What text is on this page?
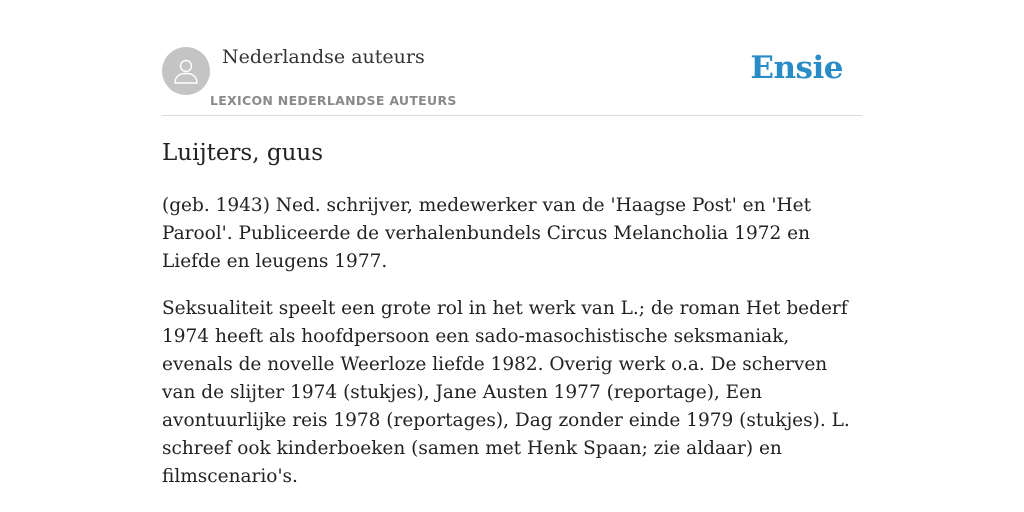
Nederlandse auteurs
LEXICON NEDERLANDSE AUTEURS
Ensie
Luijters, guus

(geb. 1943) Ned. schrijver, medewerker van de 'Haagse Post' en 'Het Parool'. Publiceerde de verhalenbundels Circus Melancholia 1972 en Liefde en leugens 1977.

Seksualiteit speelt een grote rol in het werk van L.; de roman Het bederf 1974 heeft als hoofdpersoon een sado-masochistische seksmaniak, evenals de novelle Weerloze liefde 1982. Overig werk o.a. De scherven van de slijter 1974 (stukjes), Jane Austen 1977 (reportage), Een avontuurlijke reis 1978 (reportages), Dag zonder einde 1979 (stukjes). L. schreef ook kinderboeken (samen met Henk Spaan; zie aldaar) en filmscenario's.
